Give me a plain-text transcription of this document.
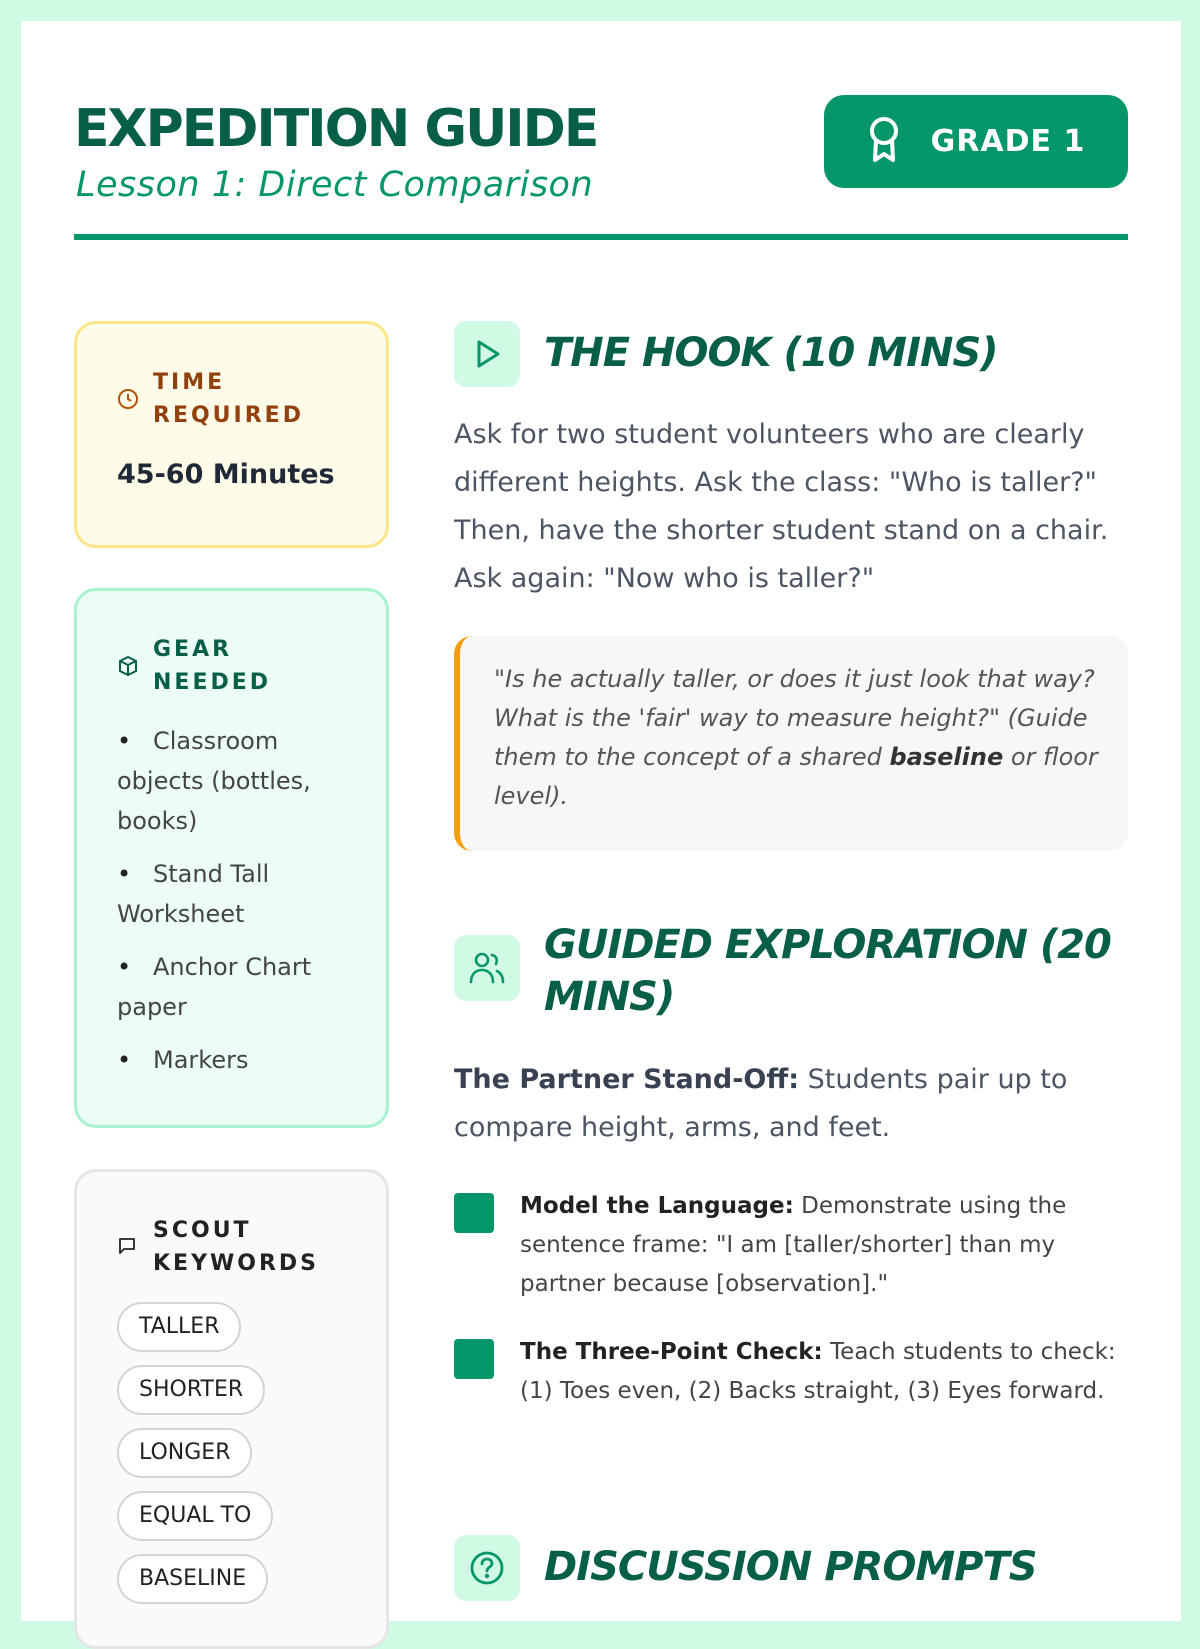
EXPEDITION GUIDE
Lesson 1: Direct Comparison
GRADE 1
TIME REQUIRED
45-60 Minutes
GEAR NEEDED
• Classroom objects (bottles, books)
• Stand Tall Worksheet
• Anchor Chart paper
• Markers
SCOUT KEYWORDS
TALLER
SHORTER
LONGER
EQUAL TO
BASELINE
THE HOOK (10 MINS)

Ask for two student volunteers who are clearly different heights. Ask the class: "Who is taller?" Then, have the shorter student stand on a chair. Ask again: "Now who is taller?"

"Is he actually taller, or does it just look that way? What is the 'fair' way to measure height?" (Guide them to the concept of a shared baseline or floor level).

GUIDED EXPLORATION (20 MINS)

The Partner Stand-Off: Students pair up to compare height, arms, and feet.

Model the Language: Demonstrate using the sentence frame: "I am [taller/shorter] than my partner because [observation]."

The Three-Point Check: Teach students to check: (1) Toes even, (2) Backs straight, (3) Eyes forward.

DISCUSSION PROMPTS
